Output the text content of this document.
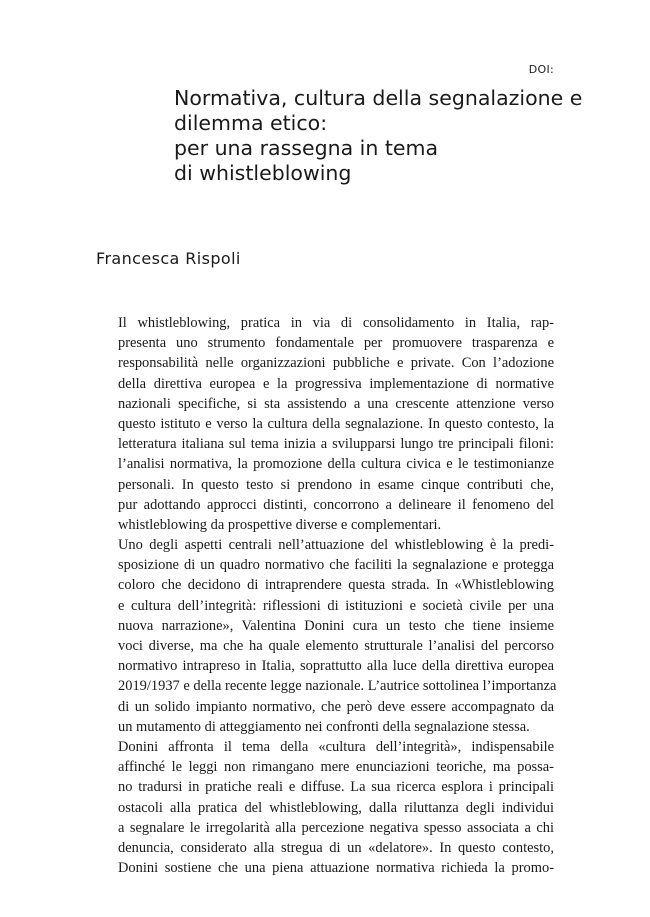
DOI:
Normativa, cultura della segnalazione e
dilemma etico:
per una rassegna in tema
di whistleblowing
Francesca Rispoli

Il whistleblowing, pratica in via di consolidamento in Italia, rap-
presenta uno strumento fondamentale per promuovere trasparenza e
responsabilità nelle organizzazioni pubbliche e private. Con l’adozione
della direttiva europea e la progressiva implementazione di normative
nazionali specifiche, si sta assistendo a una crescente attenzione verso
questo istituto e verso la cultura della segnalazione. In questo contesto, la
letteratura italiana sul tema inizia a svilupparsi lungo tre principali filoni:
l’analisi normativa, la promozione della cultura civica e le testimonianze
personali. In questo testo si prendono in esame cinque contributi che,
pur adottando approcci distinti, concorrono a delineare il fenomeno del
whistleblowing da prospettive diverse e complementari.

Uno degli aspetti centrali nell’attuazione del whistleblowing è la predi-
sposizione di un quadro normativo che faciliti la segnalazione e protegga
coloro che decidono di intraprendere questa strada. In «Whistleblowing
e cultura dell’integrità: riflessioni di istituzioni e società civile per una
nuova narrazione», Valentina Donini cura un testo che tiene insieme
voci diverse, ma che ha quale elemento strutturale l’analisi del percorso
normativo intrapreso in Italia, soprattutto alla luce della direttiva europea
2019/1937 e della recente legge nazionale. L’autrice sottolinea l’importanza
di un solido impianto normativo, che però deve essere accompagnato da
un mutamento di atteggiamento nei confronti della segnalazione stessa.

Donini affronta il tema della «cultura dell’integrità», indispensabile
affinché le leggi non rimangano mere enunciazioni teoriche, ma possa-
no tradursi in pratiche reali e diffuse. La sua ricerca esplora i principali
ostacoli alla pratica del whistleblowing, dalla riluttanza degli individui
a segnalare le irregolarità alla percezione negativa spesso associata a chi
denuncia, considerato alla stregua di un «delatore». In questo contesto,
Donini sostiene che una piena attuazione normativa richieda la promo-
